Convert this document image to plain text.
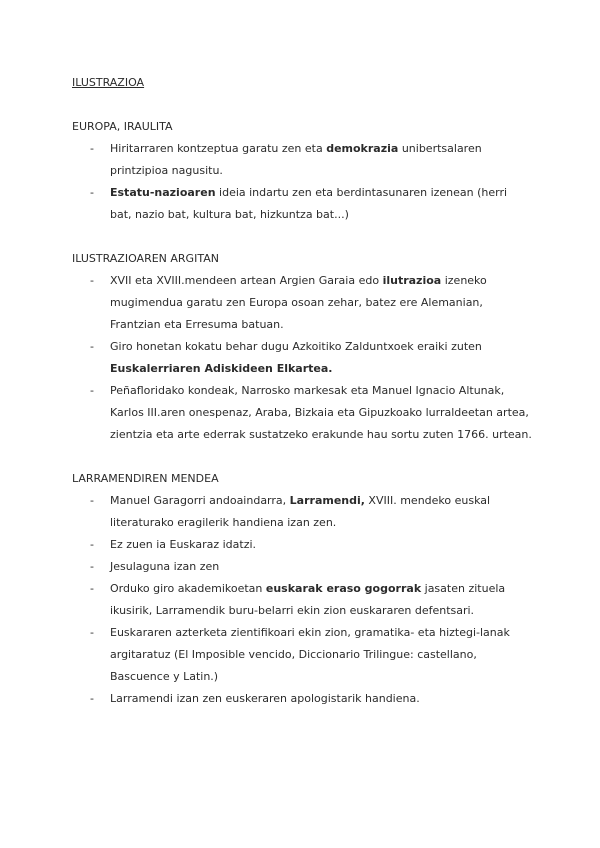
ILUSTRAZIOA
EUROPA, IRAULITA
- Hiritarraren kontzeptua garatu zen eta demokrazia unibertsalaren printzipioa nagusitu.
- Estatu-nazioaren ideia indartu zen eta berdintasunaren izenean (herri bat, nazio bat, kultura bat, hizkuntza bat...)
ILUSTRAZIOAREN ARGITAN
- XVII eta XVIII.mendeen artean Argien Garaia edo ilutrazioa izeneko mugimendua garatu zen Europa osoan zehar, batez ere Alemanian, Frantzian eta Erresuma batuan.
- Giro honetan kokatu behar dugu Azkoitiko Zalduntxoek eraiki zuten Euskalerriaren Adiskideen Elkartea.
- Peñafloridako kondeak, Narrosko markesak eta Manuel Ignacio Altunak, Karlos III.aren onespenaz, Araba, Bizkaia eta Gipuzkoako lurraldeetan artea, zientzia eta arte ederrak sustatzeko erakunde hau sortu zuten 1766. urtean.
LARRAMENDIREN MENDEA
- Manuel Garagorri andoaindarra, Larramendi, XVIII. mendeko euskal literaturako eragilerik handiena izan zen.
- Ez zuen ia Euskaraz idatzi.
- Jesulaguna izan zen
- Orduko giro akademikoetan euskarak eraso gogorrak jasaten zituela ikusirik, Larramendik buru-belarri ekin zion euskararen defentsari.
- Euskararen azterketa zientifikoari ekin zion, gramatika- eta hiztegi-lanak argitaratuz (El Imposible vencido, Diccionario Trilingue: castellano, Bascuence y Latin.)
- Larramendi izan zen euskeraren apologistarik handiena.
